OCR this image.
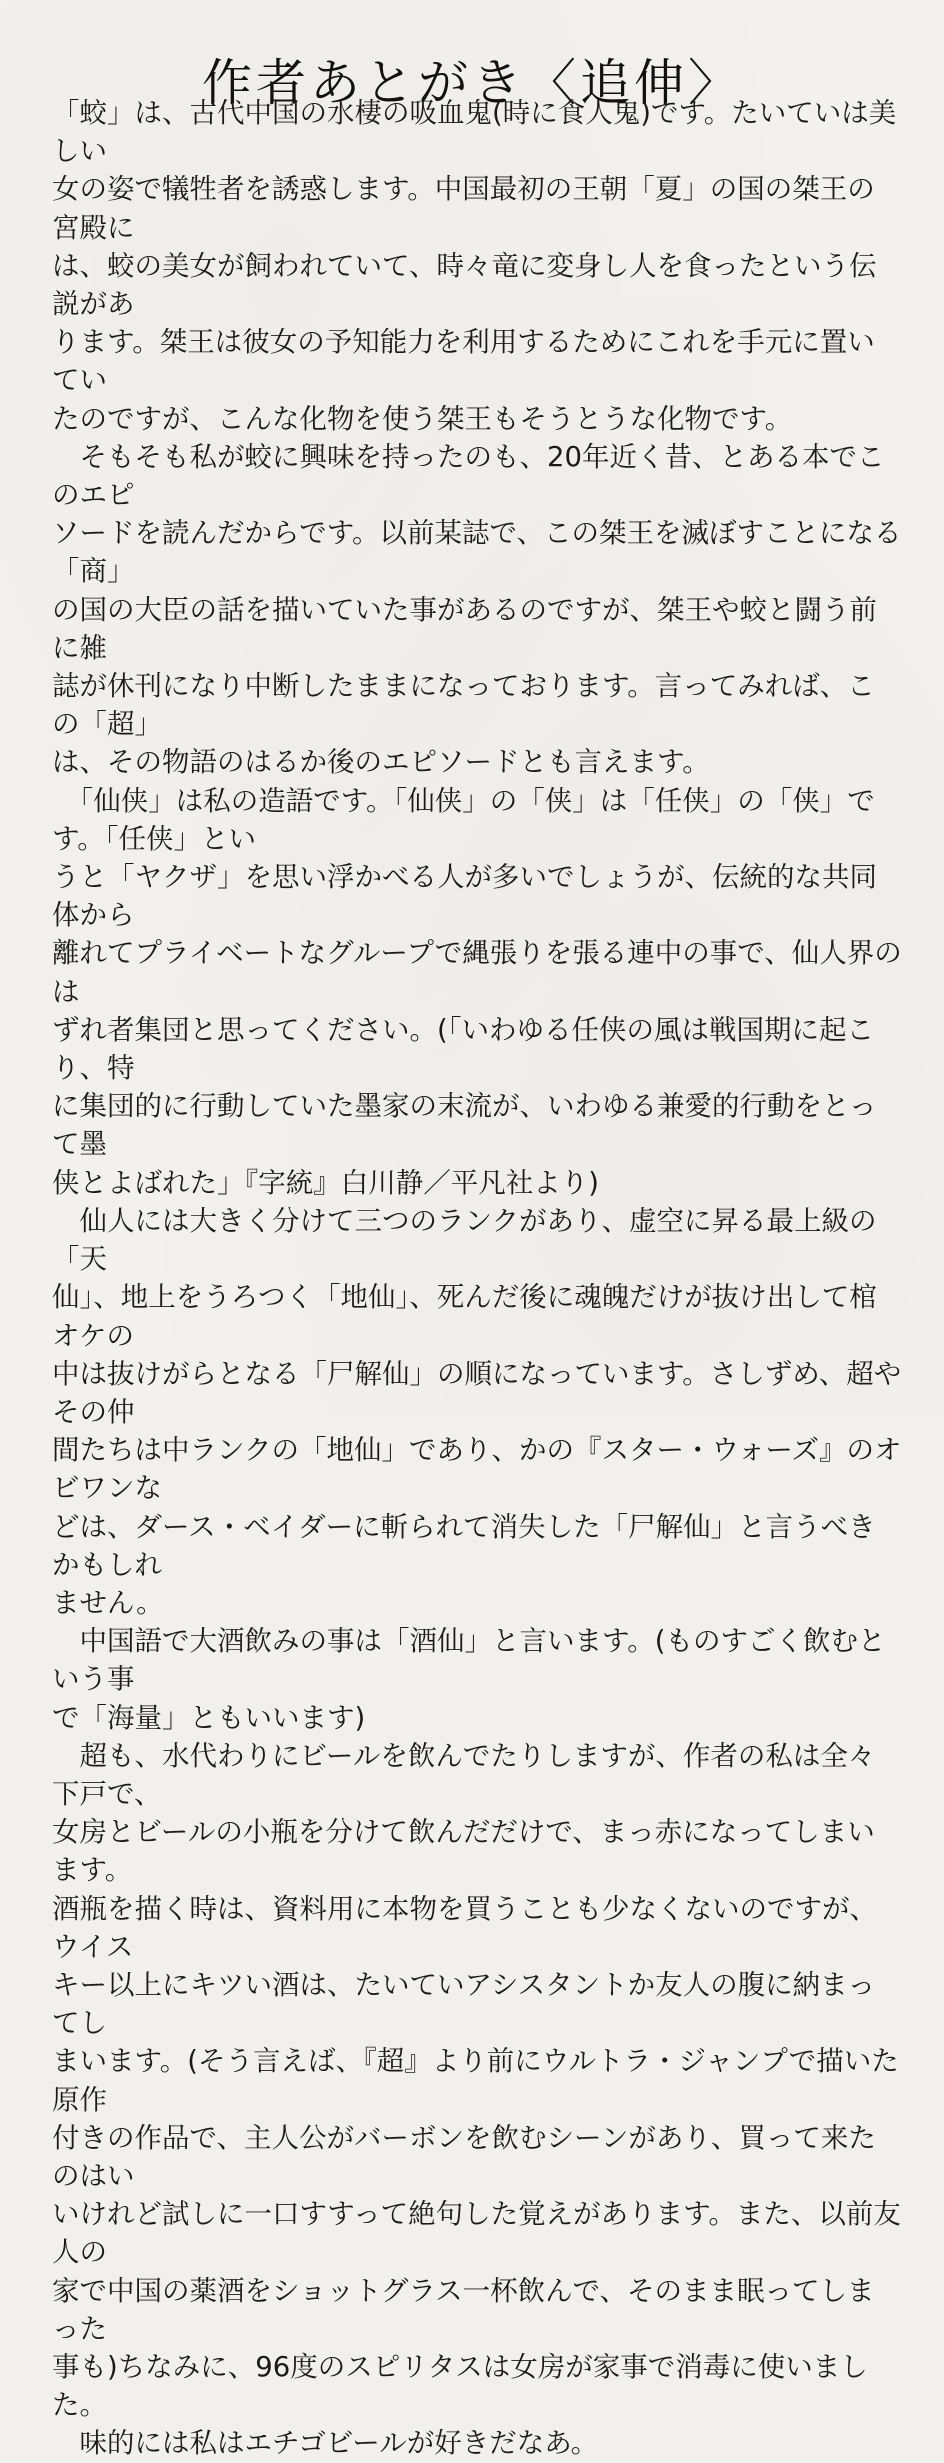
作者あとがき〈追伸〉

「蛟」は、古代中国の水棲の吸血鬼(時に食人鬼)です。たいていは美しい
女の姿で犠牲者を誘惑します。中国最初の王朝「夏」の国の桀王の宮殿に
は、蛟の美女が飼われていて、時々竜に変身し人を食ったという伝説があ
ります。桀王は彼女の予知能力を利用するためにこれを手元に置いてい
たのですが、こんな化物を使う桀王もそうとうな化物です。

　そもそも私が蛟に興味を持ったのも、20年近く昔、とある本でこのエピ
ソードを読んだからです。以前某誌で、この桀王を滅ぼすことになる「商」
の国の大臣の話を描いていた事があるのですが、桀王や蛟と闘う前に雑
誌が休刊になり中断したままになっております。言ってみれば、この「超」
は、その物語のはるか後のエピソードとも言えます。

　「仙侠」は私の造語です。「仙侠」の「侠」は「任侠」の「侠」です。「任侠」とい
うと「ヤクザ」を思い浮かべる人が多いでしょうが、伝統的な共同体から
離れてプライベートなグループで縄張りを張る連中の事で、仙人界のは
ずれ者集団と思ってください。(「いわゆる任侠の風は戦国期に起こり、特
に集団的に行動していた墨家の末流が、いわゆる兼愛的行動をとって墨
侠とよばれた」『字統』白川静／平凡社より)

　仙人には大きく分けて三つのランクがあり、虚空に昇る最上級の「天
仙」、地上をうろつく「地仙」、死んだ後に魂魄だけが抜け出して棺オケの
中は抜けがらとなる「尸解仙」の順になっています。さしずめ、超やその仲
間たちは中ランクの「地仙」であり、かの『スター・ウォーズ』のオビワンな
どは、ダース・ベイダーに斬られて消失した「尸解仙」と言うべきかもしれ
ません。

　中国語で大酒飲みの事は「酒仙」と言います。(ものすごく飲むという事
で「海量」ともいいます)

　超も、水代わりにビールを飲んでたりしますが、作者の私は全々下戸で、
女房とビールの小瓶を分けて飲んだだけで、まっ赤になってしまいます。
酒瓶を描く時は、資料用に本物を買うことも少なくないのですが、ウイス
キー以上にキツい酒は、たいていアシスタントか友人の腹に納まってし
まいます。(そう言えば、『超』より前にウルトラ・ジャンプで描いた原作
付きの作品で、主人公がバーボンを飲むシーンがあり、買って来たのはい
いけれど試しに一口すすって絶句した覚えがあります。また、以前友人の
家で中国の薬酒をショットグラス一杯飲んで、そのまま眠ってしまった
事も)ちなみに、96度のスピリタスは女房が家事で消毒に使いました。

　味的には私はエチゴビールが好きだなあ。
